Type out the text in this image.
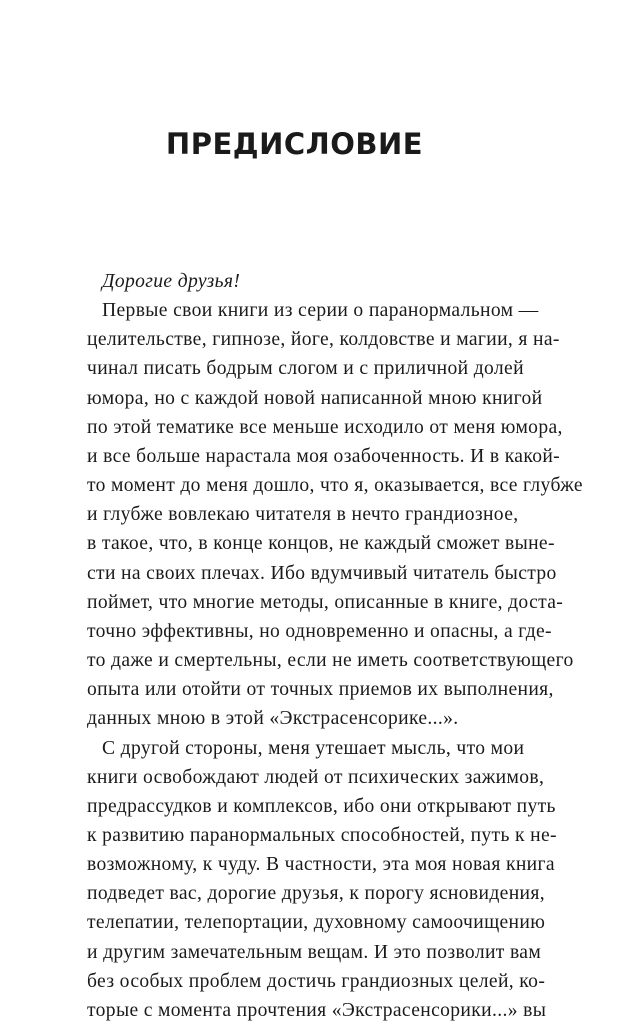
ПРЕДИСЛОВИЕ
Дорогие друзья!
Первые свои книги из серии о паранормальном —
целительстве, гипнозе, йоге, колдовстве и магии, я на-
чинал писать бодрым слогом и с приличной долей
юмора, но с каждой новой написанной мною книгой
по этой тематике все меньше исходило от меня юмора,
и все больше нарастала моя озабоченность. И в какой-
то момент до меня дошло, что я, оказывается, все глубже
и глубже вовлекаю читателя в нечто грандиозное,
в такое, что, в конце концов, не каждый сможет выне-
сти на своих плечах. Ибо вдумчивый читатель быстро
поймет, что многие методы, описанные в книге, доста-
точно эффективны, но одновременно и опасны, а где-
то даже и смертельны, если не иметь соответствующего
опыта или отойти от точных приемов их выполнения,
данных мною в этой «Экстрасенсорике...».
С другой стороны, меня утешает мысль, что мои
книги освобождают людей от психических зажимов,
предрассудков и комплексов, ибо они открывают путь
к развитию паранормальных способностей, путь к не-
возможному, к чуду. В частности, эта моя новая книга
подведет вас, дорогие друзья, к порогу ясновидения,
телепатии, телепортации, духовному самоочищению
и другим замечательным вещам. И это позволит вам
без особых проблем достичь грандиозных целей, ко-
торые с момента прочтения «Экстрасенсорики...» вы
